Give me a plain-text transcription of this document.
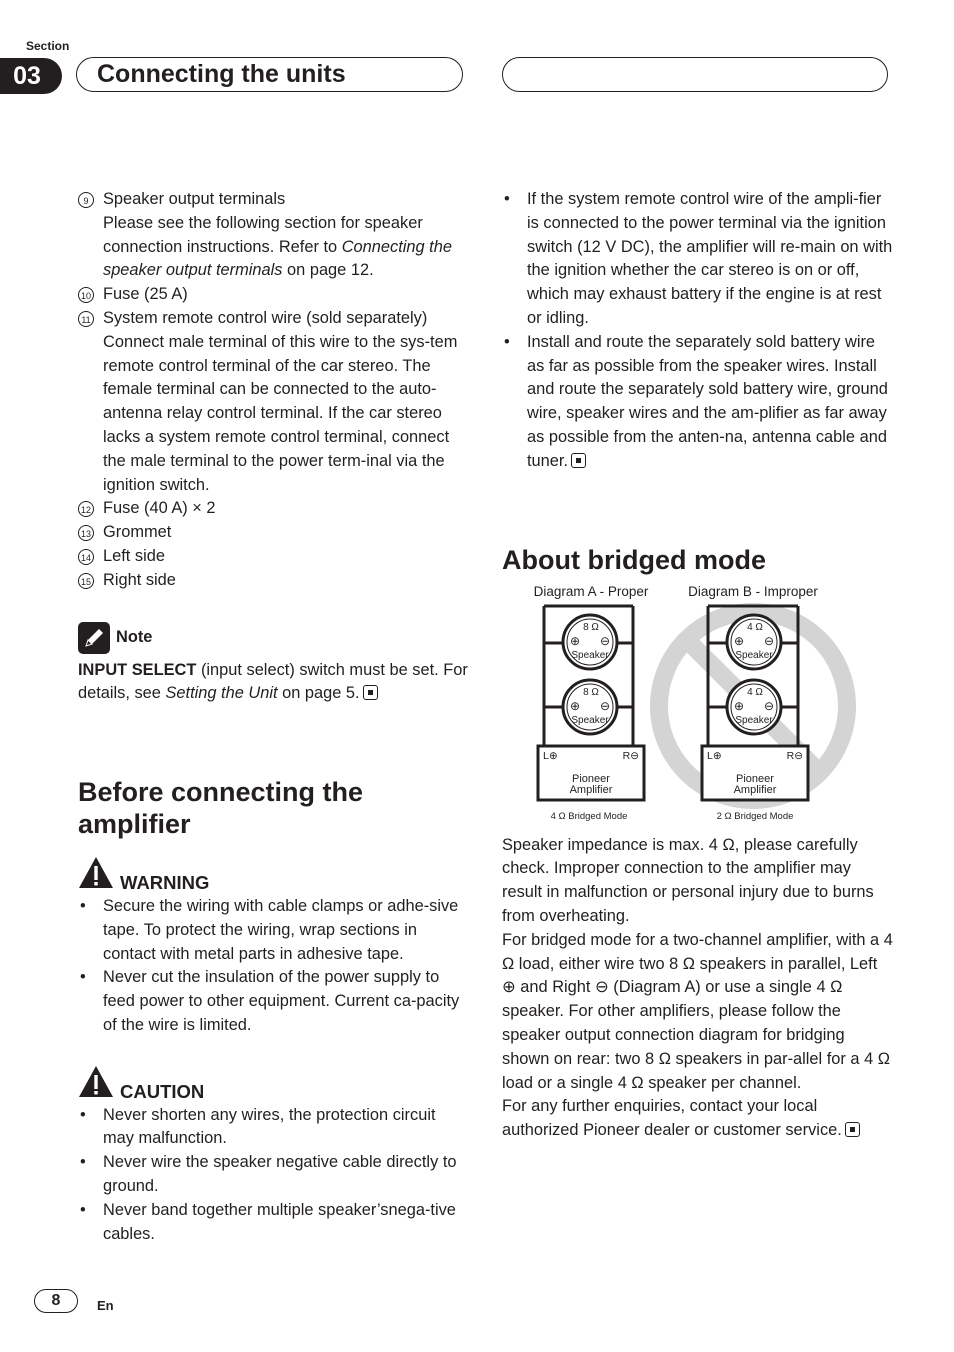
Section
03	Connecting the units
9 Speaker output terminals
Please see the following section for speaker connection instructions. Refer to Connecting the speaker output terminals on page 12.
10 Fuse (25 A)
11 System remote control wire (sold separately)
Connect male terminal of this wire to the sys-tem remote control terminal of the car stereo. The female terminal can be connected to the auto-antenna relay control terminal. If the car stereo lacks a system remote control terminal, connect the male terminal to the power term-inal via the ignition switch.
12 Fuse (40 A) × 2
13 Grommet
14 Left side
15 Right side
Note
INPUT SELECT (input select) switch must be set. For details, see Setting the Unit on page 5.
Before connecting the amplifier
WARNING
• Secure the wiring with cable clamps or adhe-sive tape. To protect the wiring, wrap sections in contact with metal parts in adhesive tape.
• Never cut the insulation of the power supply to feed power to other equipment. Current ca-pacity of the wire is limited.
CAUTION
• Never shorten any wires, the protection circuit may malfunction.
• Never wire the speaker negative cable directly to ground.
• Never band together multiple speaker’snega-tive cables.
• If the system remote control wire of the ampli-fier is connected to the power terminal via the ignition switch (12 V DC), the amplifier will re-main on with the ignition whether the car stereo is on or off, which may exhaust battery if the engine is at rest or idling.
• Install and route the separately sold battery wire as far as possible from the speaker wires. Install and route the separately sold battery wire, ground wire, speaker wires and the am-plifier as far away as possible from the anten-na, antenna cable and tuner.
About bridged mode
Diagram A - Proper
8 Ω
⊕ ⊖
Speaker
8 Ω
⊕ ⊖
Speaker
L⊕	R⊖
Pioneer
Amplifier
4 Ω Bridged Mode
Diagram B - Improper
4 Ω
⊕ ⊖
Speaker
4 Ω
⊕ ⊖
Speaker
L⊕	R⊖
Pioneer
Amplifier
2 Ω Bridged Mode
Speaker impedance is max. 4 Ω, please carefully check. Improper connection to the amplifier may result in malfunction or personal injury due to burns from overheating.
For bridged mode for a two-channel amplifier, with a 4 Ω load, either wire two 8 Ω speakers in parallel, Left ⊕ and Right ⊖ (Diagram A) or use a single 4 Ω speaker. For other amplifiers, please follow the speaker output connection diagram for bridging shown on rear: two 8 Ω speakers in par-allel for a 4 Ω load or a single 4 Ω speaker per channel.
For any further enquiries, contact your local authorized Pioneer dealer or customer service.
8	En
